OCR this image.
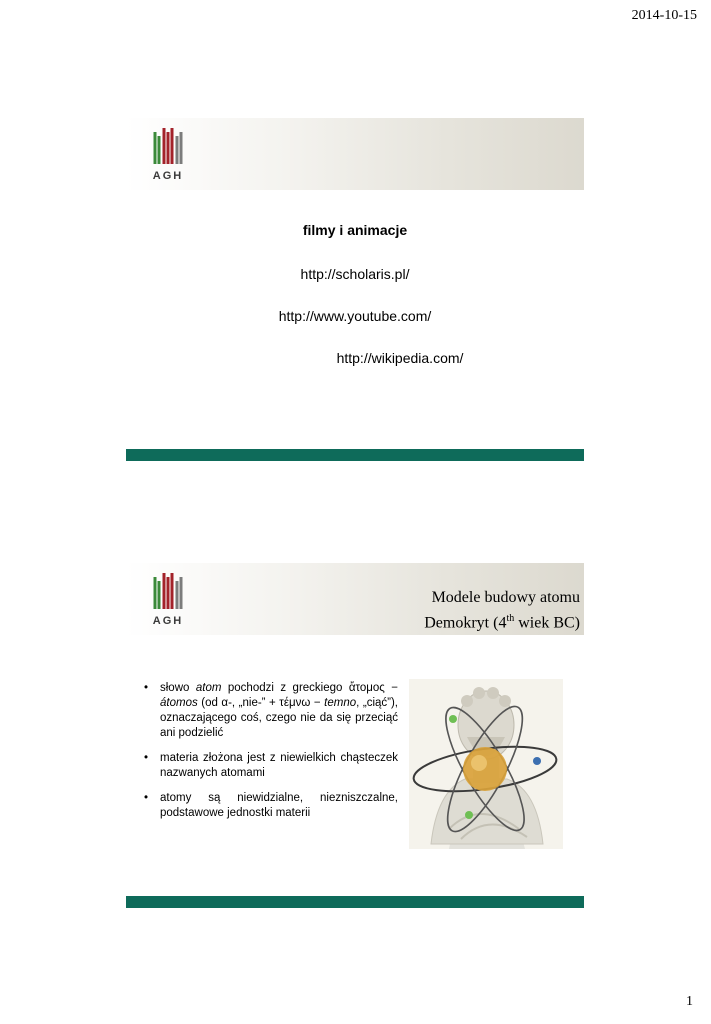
2014-10-15
AGH
filmy i animacje
http://scholaris.pl/
http://www.youtube.com/
http://wikipedia.com/
AGH
Modele budowy atomu
Demokryt (4th wiek BC)
• słowo atom pochodzi z greckiego ἄτομος − átomos (od α-, „nie-” + τέμνω − temno, „ciąć”), oznaczającego coś, czego nie da się przeciąć ani podzielić
• materia złożona jest z niewielkich chąsteczek nazwanych atomami
• atomy są niewidzialne, niezniszczalne, podstawowe jednostki materii
1
